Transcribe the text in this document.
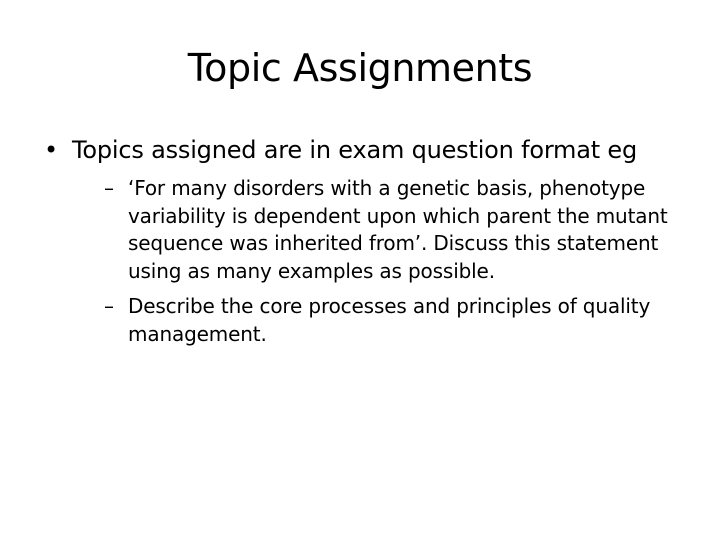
Topic Assignments
• Topics assigned are in exam question format eg
– ‘For many disorders with a genetic basis, phenotype variability is dependent upon which parent the mutant sequence was inherited from’. Discuss this statement using as many examples as possible.
– Describe the core processes and principles of quality management.
